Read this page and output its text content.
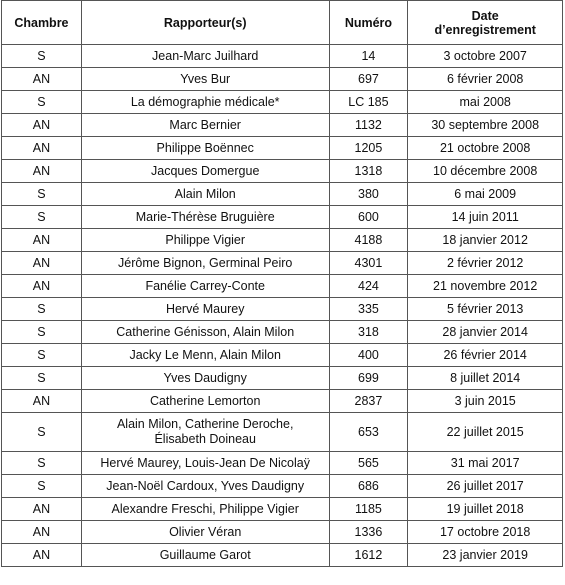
Chambre	Rapporteur(s)	Numéro	Date
d’enregistrement
S	Jean-Marc Juilhard	14	3 octobre 2007
AN	Yves Bur	697	6 février 2008
S	La démographie médicale*	LC 185	mai 2008
AN	Marc Bernier	1132	30 septembre 2008
AN	Philippe Boënnec	1205	21 octobre 2008
AN	Jacques Domergue	1318	10 décembre 2008
S	Alain Milon	380	6 mai 2009
S	Marie-Thérèse Bruguière	600	14 juin 2011
AN	Philippe Vigier	4188	18 janvier 2012
AN	Jérôme Bignon, Germinal Peiro	4301	2 février 2012
AN	Fanélie Carrey-Conte	424	21 novembre 2012
S	Hervé Maurey	335	5 février 2013
S	Catherine Génisson, Alain Milon	318	28 janvier 2014
S	Jacky Le Menn, Alain Milon	400	26 février 2014
S	Yves Daudigny	699	8 juillet 2014
AN	Catherine Lemorton	2837	3 juin 2015
S	Alain Milon, Catherine Deroche,
Élisabeth Doineau	653	22 juillet 2015
S	Hervé Maurey, Louis-Jean De Nicolaÿ	565	31 mai 2017
S	Jean-Noël Cardoux, Yves Daudigny	686	26 juillet 2017
AN	Alexandre Freschi, Philippe Vigier	1185	19 juillet 2018
AN	Olivier Véran	1336	17 octobre 2018
AN	Guillaume Garot	1612	23 janvier 2019
